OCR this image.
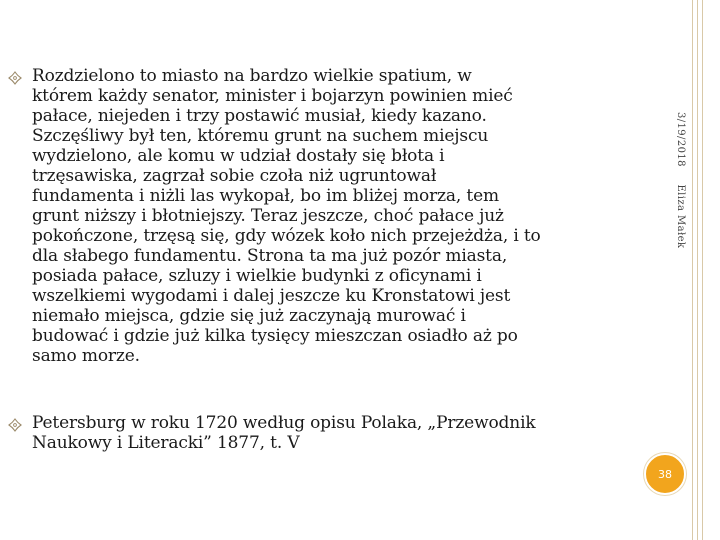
Rozdzielono to miasto na bardzo wielkie spatium, w
którem każdy senator, minister i bojarzyn powinien mieć
pałace, niejeden i trzy postawić musiał, kiedy kazano.
Szczęśliwy był ten, któremu grunt na suchem miejscu
wydzielono, ale komu w udział dostały się błota i
trzęsawiska, zagrzał sobie czoła niż ugruntował
fundamenta i niżli las wykopał, bo im bliżej morza, tem
grunt niższy i błotniejszy. Teraz jeszcze, choć pałace już
pokończone, trzęsą się, gdy wózek koło nich przejeżdża, i to
dla słabego fundamentu. Strona ta ma już pozór miasta,
posiada pałace, szluzy i wielkie budynki z oficynami i
wszelkiemi wygodami i dalej jeszcze ku Kronstatowi jest
niemało miejsca, gdzie się już zaczynają murować i
budować i gdzie już kilka tysięcy mieszczan osiadło aż po
samo morze.

Petersburg w roku 1720 według opisu Polaka, „Przewodnik
Naukowy i Literacki” 1877, t. V

3/19/2018 Eliza Małek
38
